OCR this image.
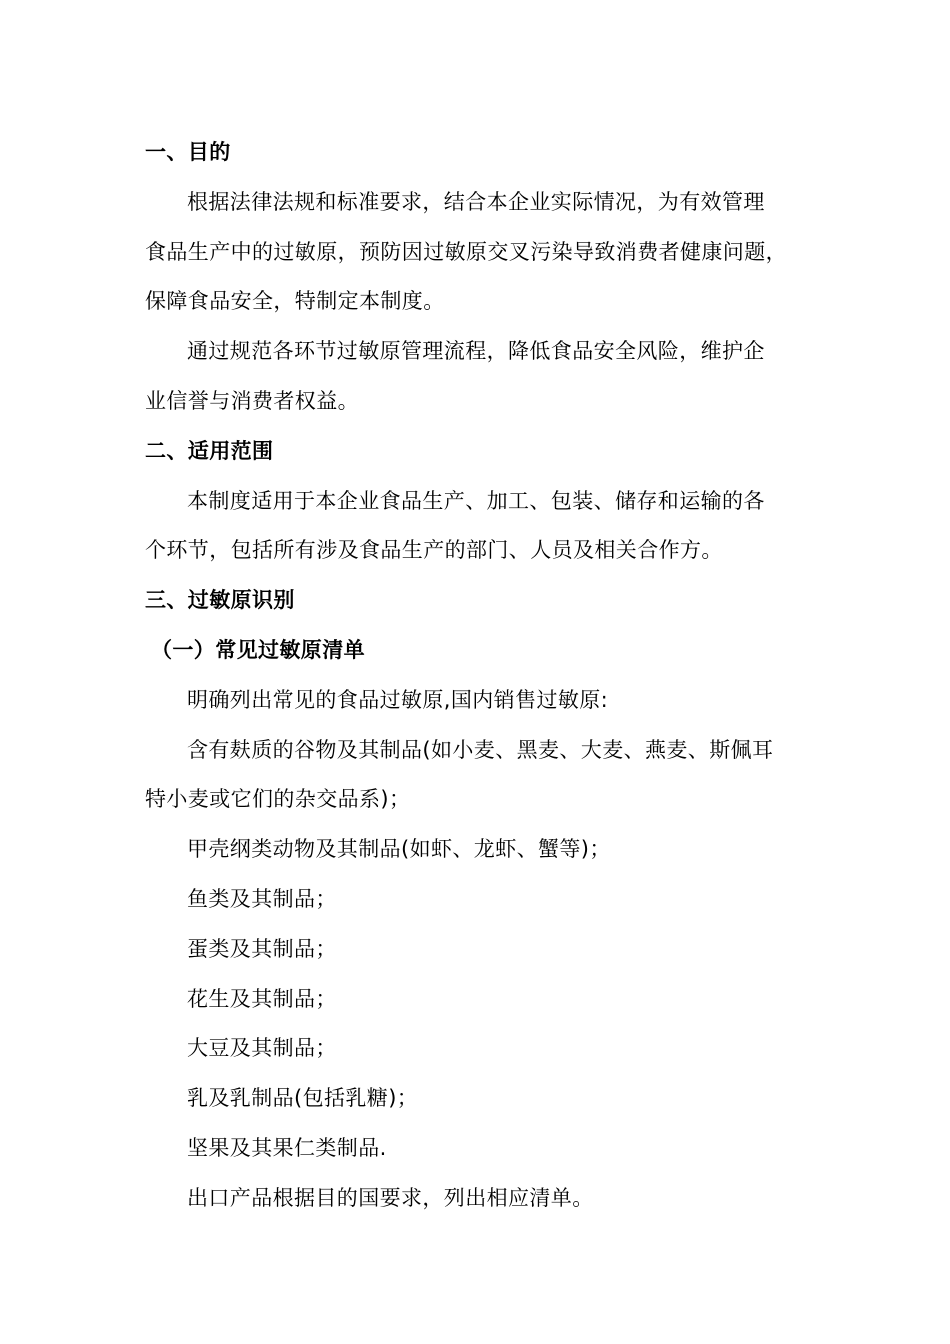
一、目的
根据法律法规和标准要求，结合本企业实际情况，为有效管理
食品生产中的过敏原，预防因过敏原交叉污染导致消费者健康问题，
保障食品安全，特制定本制度。
通过规范各环节过敏原管理流程，降低食品安全风险，维护企
业信誉与消费者权益。
二、适用范围
本制度适用于本企业食品生产、加工、包装、储存和运输的各
个环节，包括所有涉及食品生产的部门、人员及相关合作方。
三、过敏原识别
（一）常见过敏原清单
明确列出常见的食品过敏原,国内销售过敏原:
含有麸质的谷物及其制品(如小麦、黑麦、大麦、燕麦、斯佩耳
特小麦或它们的杂交品系)；
甲壳纲类动物及其制品(如虾、龙虾、蟹等)；
鱼类及其制品；
蛋类及其制品；
花生及其制品；
大豆及其制品；
乳及乳制品(包括乳糖)；
坚果及其果仁类制品.
出口产品根据目的国要求，列出相应清单。
